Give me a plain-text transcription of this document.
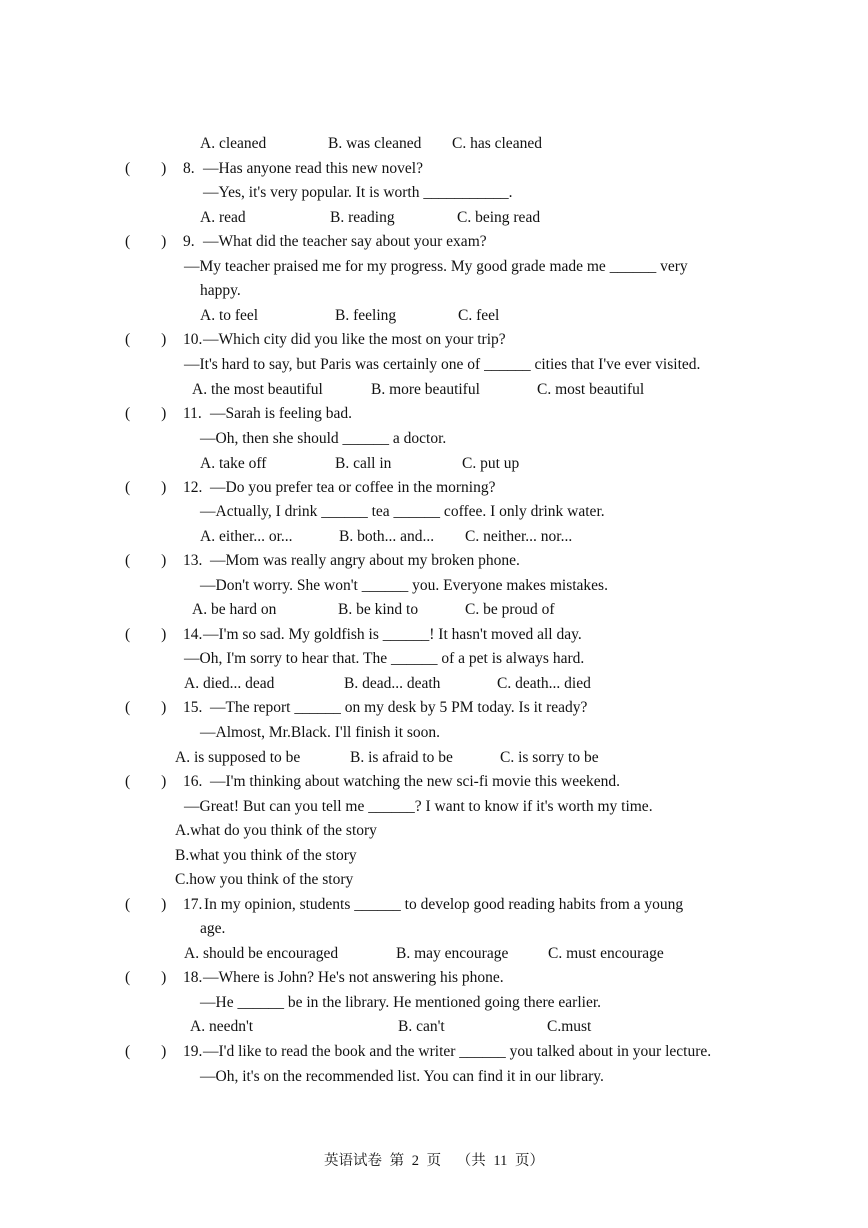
A. cleaned	B. was cleaned C. has cleaned
(        ) 8. —Has anyone read this new novel?
—Yes, it's very popular. It is worth ___________.
A. read	B. reading	C. being read
(        ) 9. —What did the teacher say about your exam?
—My teacher praised me for my progress. My good grade made me ______ very
happy.
A. to feel	B. feeling	C. feel
(        ) 10. —Which city did you like the most on your trip?
—It's hard to say, but Paris was certainly one of ______ cities that I've ever visited.
A. the most beautiful	B. more beautiful	C. most beautiful
(        ) 11. —Sarah is feeling bad.
—Oh, then she should ______ a doctor.
A. take off	B. call in	C. put up
(        ) 12. —Do you prefer tea or coffee in the morning?
—Actually, I drink ______ tea ______ coffee. I only drink water.
A. either... or...	B. both... and... C. neither... nor...
(        ) 13. —Mom was really angry about my broken phone.
—Don't worry. She won't ______ you. Everyone makes mistakes.
A. be hard on	B. be kind to	C. be proud of
(        ) 14. —I'm so sad. My goldfish is ______! It hasn't moved all day.
—Oh, I'm sorry to hear that. The ______ of a pet is always hard.
A. died... dead	B. dead... death	C. death... died
(        ) 15. —The report ______ on my desk by 5 PM today. Is it ready?
—Almost, Mr.Black. I'll finish it soon.
A. is supposed to be	B. is afraid to be	C. is sorry to be
(        ) 16. —I'm thinking about watching the new sci-fi movie this weekend.
—Great! But can you tell me ______? I want to know if it's worth my time.
A.what do you think of the story
B.what you think of the story
C.how you think of the story
(        ) 17. In my opinion, students ______ to develop good reading habits from a young
age.
A. should be encouraged	B. may encourage	C. must encourage
(        ) 18. —Where is John? He's not answering his phone.
—He ______ be in the library. He mentioned going there earlier.
A. needn't	B. can't	C.must
(        ) 19. —I'd like to read the book and the writer ______ you talked about in your lecture.
—Oh, it's on the recommended list. You can find it in our library.
英语试卷 第 2 页 （共 11 页）
